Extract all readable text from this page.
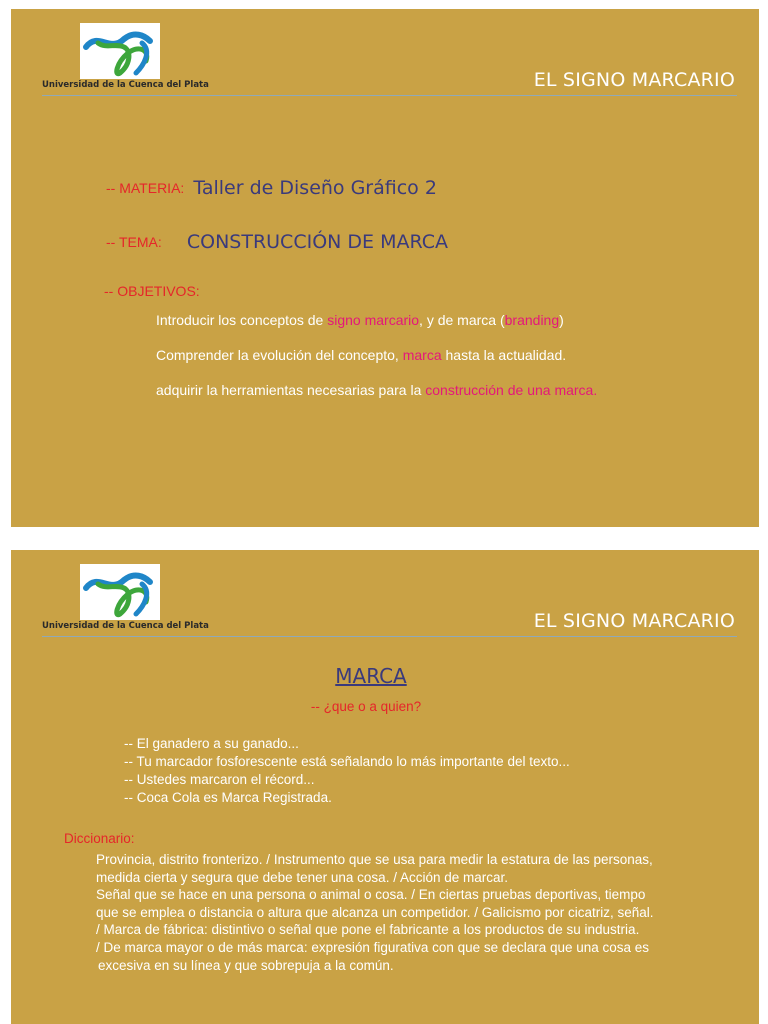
Universidad de la Cuenca del Plata	EL SIGNO MARCARIO
-- MATERIA: Taller de Diseño Gráfico 2
-- TEMA: CONSTRUCCIÓN DE MARCA
-- OBJETIVOS:
Introducir los conceptos de signo marcario, y de marca (branding)
Comprender la evolución del concepto, marca hasta la actualidad.
adquirir la herramientas necesarias para la construcción de una marca.
Universidad de la Cuenca del Plata	EL SIGNO MARCARIO
MARCA
-- ¿que o a quien?
-- El ganadero a su ganado...
-- Tu marcador fosforescente está señalando lo más importante del texto...
-- Ustedes marcaron el récord...
-- Coca Cola es Marca Registrada.
Diccionario:
Provincia, distrito fronterizo. / Instrumento que se usa para medir la estatura de las personas,
medida cierta y segura que debe tener una cosa. / Acción de marcar.
Señal que se hace en una persona o animal o cosa. / En ciertas pruebas deportivas, tiempo
que se emplea o distancia o altura que alcanza un competidor. / Galicismo por cicatriz, señal.
/ Marca de fábrica: distintivo o señal que pone el fabricante a los productos de su industria.
/ De marca mayor o de más marca: expresión figurativa con que se declara que una cosa es
excesiva en su línea y que sobrepuja a la común.
